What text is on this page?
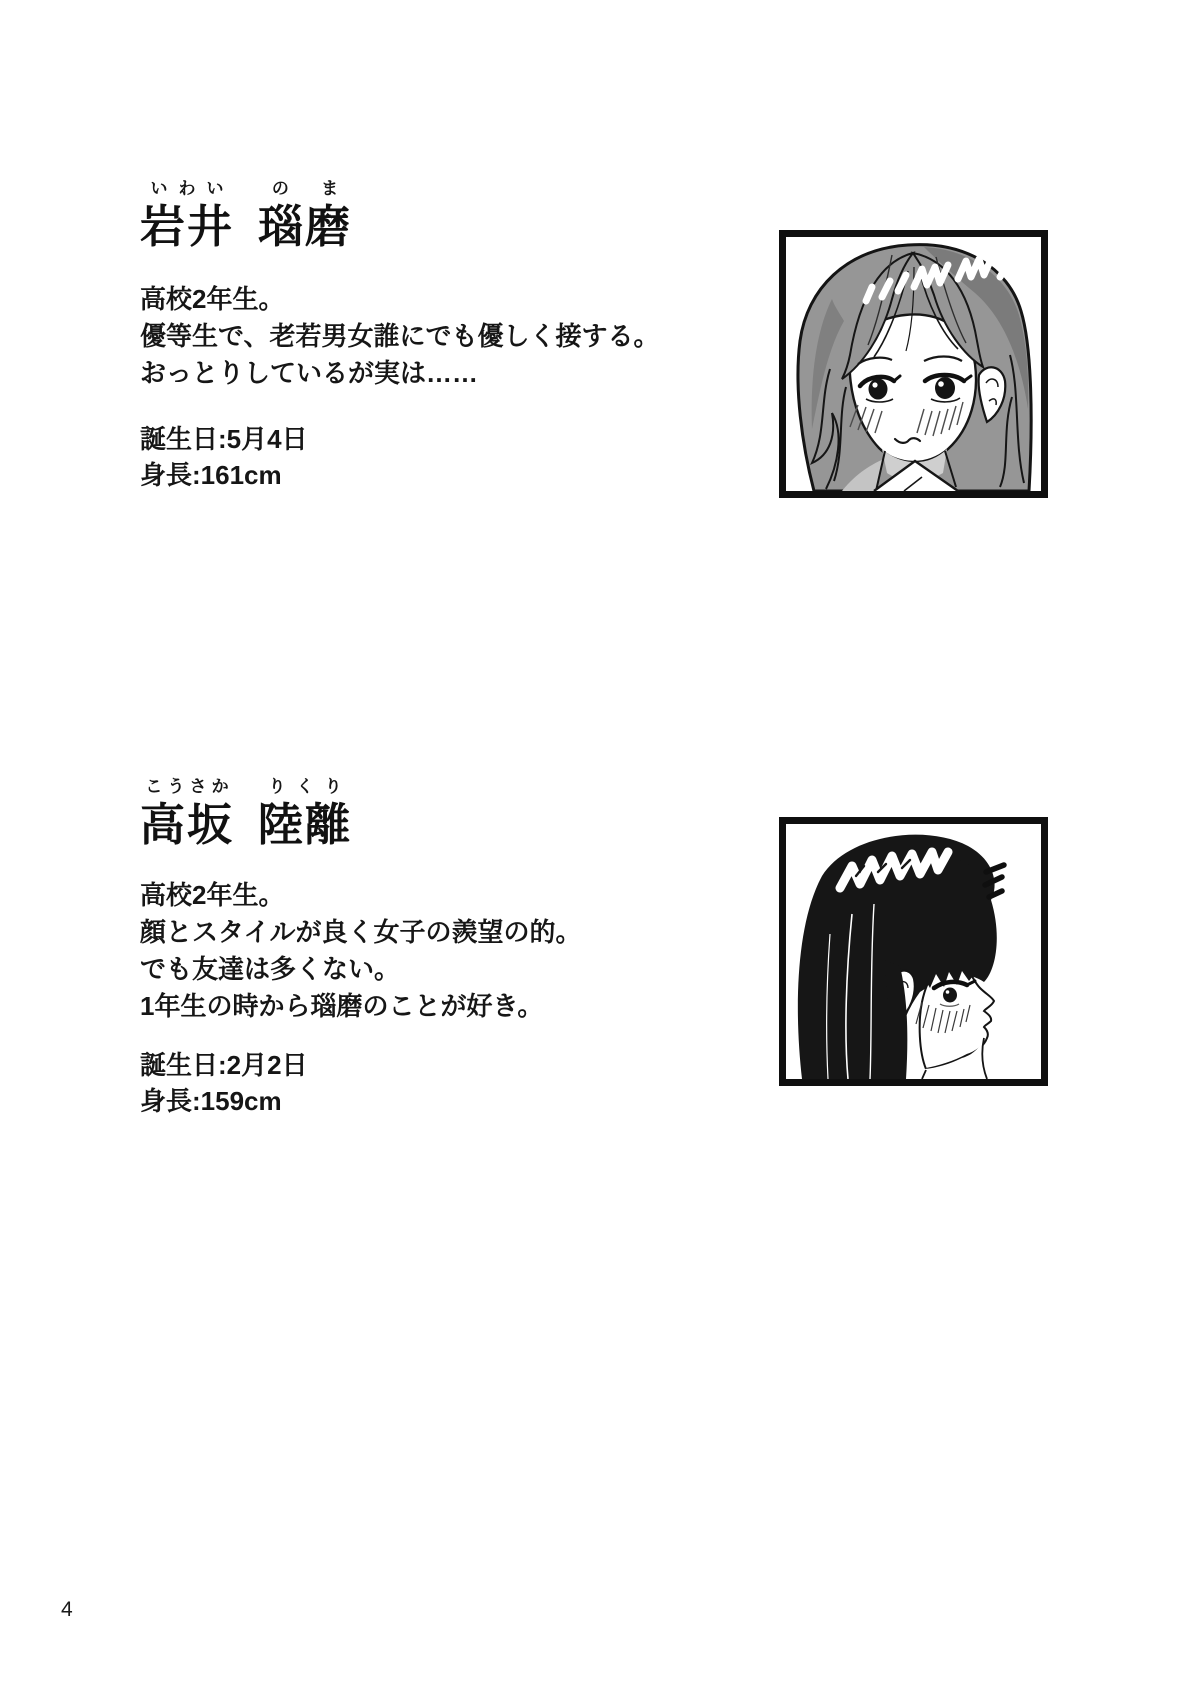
いわい
岩井
のま
瑙磨

高校2年生。

優等生で、老若男女誰にでも優しく接する。

おっとりしているが実は……

誕生日:5月4日

身長:161cm

こうさか
高坂
りくり
陸離

高校2年生。

顔とスタイルが良く女子の羨望の的。

でも友達は多くない。

1年生の時から瑙磨のことが好き。

誕生日:2月2日

身長:159cm

4
